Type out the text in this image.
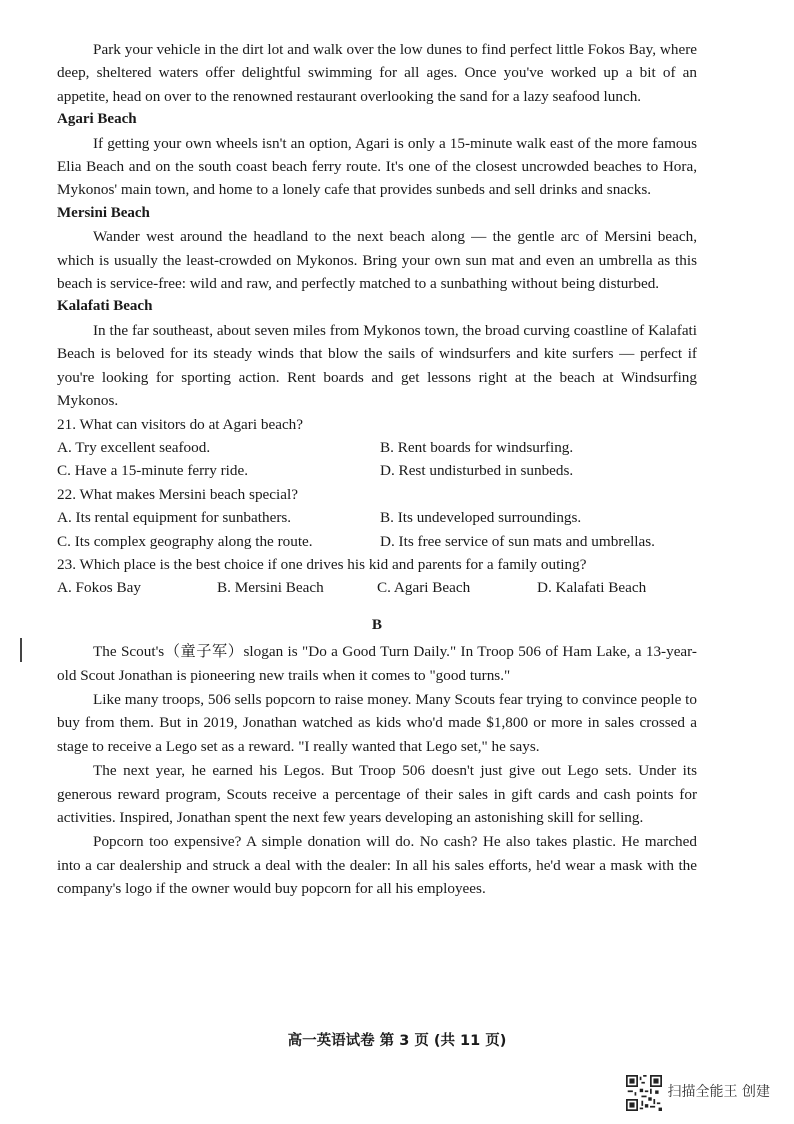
Park your vehicle in the dirt lot and walk over the low dunes to find perfect little Fokos Bay, where deep, sheltered waters offer delightful swimming for all ages. Once you've worked up a bit of an appetite, head on over to the renowned restaurant overlooking the sand for a lazy seafood lunch.

Agari Beach

If getting your own wheels isn't an option, Agari is only a 15-minute walk east of the more famous Elia Beach and on the south coast beach ferry route. It's one of the closest uncrowded beaches to Hora, Mykonos' main town, and home to a lonely cafe that provides sunbeds and sell drinks and snacks.

Mersini Beach

Wander west around the headland to the next beach along — the gentle arc of Mersini beach, which is usually the least-crowded on Mykonos. Bring your own sun mat and even an umbrella as this beach is service-free: wild and raw, and perfectly matched to a sunbathing without being disturbed.

Kalafati Beach

In the far southeast, about seven miles from Mykonos town, the broad curving coastline of Kalafati Beach is beloved for its steady winds that blow the sails of windsurfers and kite surfers — perfect if you're looking for sporting action. Rent boards and get lessons right at the beach at Windsurfing Mykonos.

21. What can visitors do at Agari beach?

A. Try excellent seafood.	B. Rent boards for windsurfing.
C. Have a 15-minute ferry ride.	D. Rest undisturbed in sunbeds.

22. What makes Mersini beach special?

A. Its rental equipment for sunbathers.	B. Its undeveloped surroundings.
C. Its complex geography along the route.	D. Its free service of sun mats and umbrellas.

23. Which place is the best choice if one drives his kid and parents for a family outing?

A. Fokos Bay	B. Mersini Beach	C. Agari Beach	D. Kalafati Beach
B

The Scout's（童子军）slogan is "Do a Good Turn Daily." In Troop 506 of Ham Lake, a 13-year-old Scout Jonathan is pioneering new trails when it comes to "good turns."

Like many troops, 506 sells popcorn to raise money. Many Scouts fear trying to convince people to buy from them. But in 2019, Jonathan watched as kids who'd made $1,800 or more in sales crossed a stage to receive a Lego set as a reward. "I really wanted that Lego set," he says.

The next year, he earned his Legos. But Troop 506 doesn't just give out Lego sets. Under its generous reward program, Scouts receive a percentage of their sales in gift cards and cash points for activities. Inspired, Jonathan spent the next few years developing an astonishing skill for selling.

Popcorn too expensive? A simple donation will do. No cash? He also takes plastic. He marched into a car dealership and struck a deal with the dealer: In all his sales efforts, he'd wear a mask with the company's logo if the owner would buy popcorn for all his employees.

高一英语试卷 第 3 页 (共 11 页)
扫描全能王 创建
